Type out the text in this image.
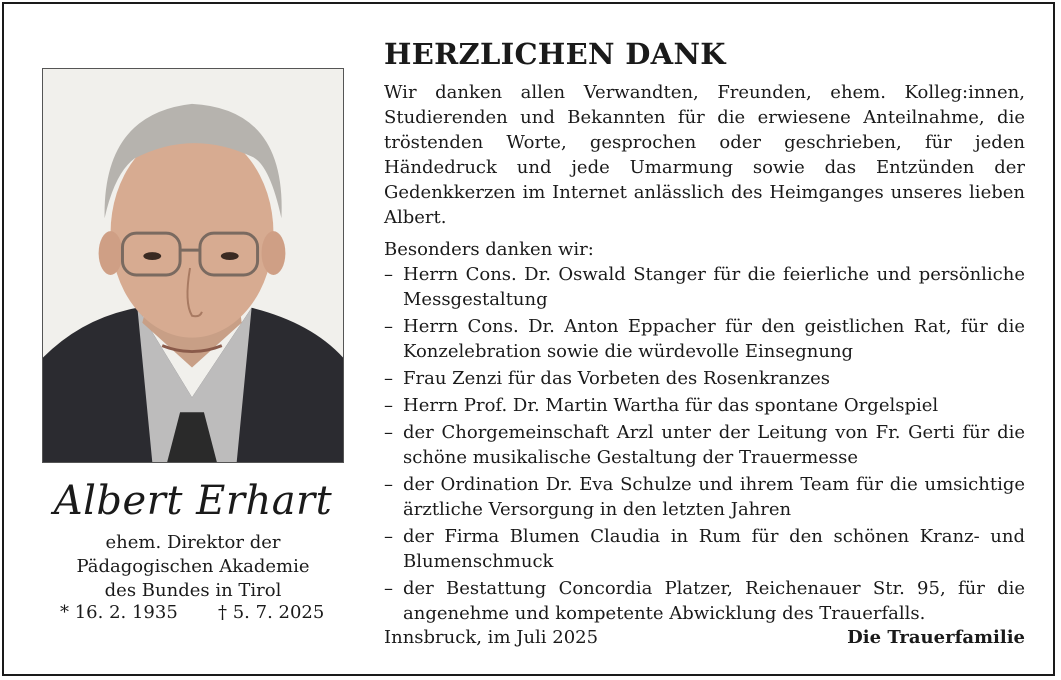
Albert Erhart
ehem. Direktor der
Pädagogischen Akademie
des Bundes in Tirol
* 16. 2. 1935 † 5. 7. 2025
HERZLICHEN DANK

Wir danken allen Verwandten, Freunden, ehem. Kolleg:innen, Studierenden und Bekannten für die erwiesene Anteilnahme, die tröstenden Worte, gesprochen oder geschrieben, für jeden Händedruck und jede Umarmung sowie das Entzünden der Gedenkkerzen im Internet anlässlich des Heimganges unseres lieben Albert.

Besonders danken wir:
– Herrn Cons. Dr. Oswald Stanger für die feierliche und persönliche Messgestaltung
– Herrn Cons. Dr. Anton Eppacher für den geistlichen Rat, für die Konzelebration sowie die würdevolle Einsegnung
– Frau Zenzi für das Vorbeten des Rosenkranzes
– Herrn Prof. Dr. Martin Wartha für das spontane Orgelspiel
– der Chorgemeinschaft Arzl unter der Leitung von Fr. Gerti für die schöne musikalische Gestaltung der Trauermesse
– der Ordination Dr. Eva Schulze und ihrem Team für die umsichtige ärztliche Versorgung in den letzten Jahren
– der Firma Blumen Claudia in Rum für den schönen Kranz- und Blumenschmuck
– der Bestattung Concordia Platzer, Reichenauer Str. 95, für die angenehme und kompetente Abwicklung des Trauerfalls.
Innsbruck, im Juli 2025	Die Trauerfamilie
